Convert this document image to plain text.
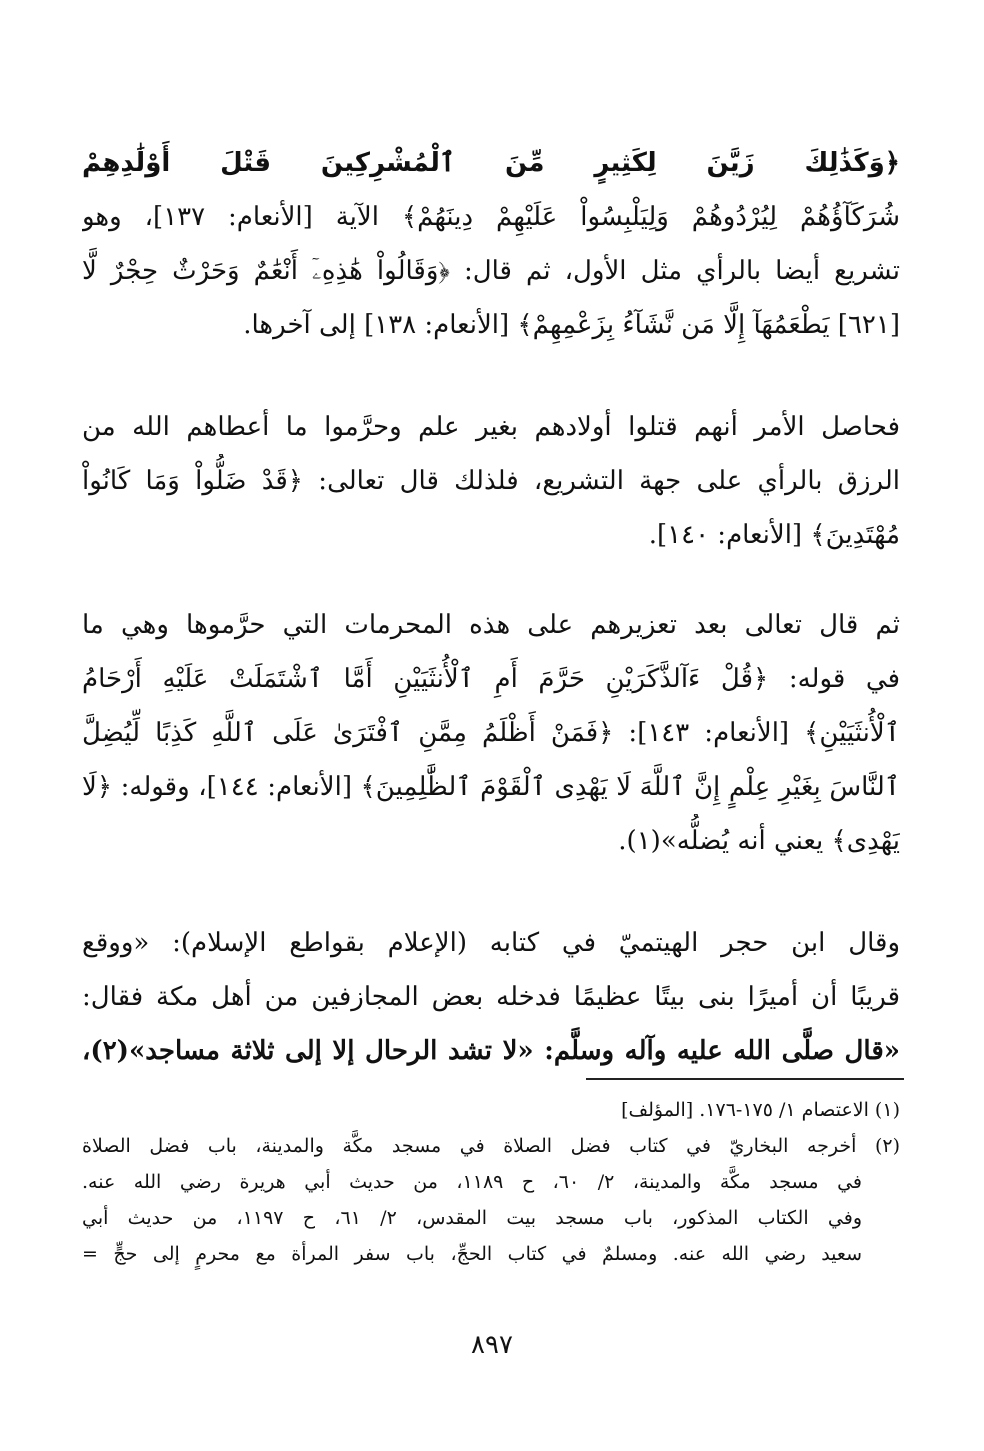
﴿وَكَذَٰلِكَ زَيَّنَ لِكَثِيرٍ مِّنَ ٱلْمُشْرِكِينَ قَتْلَ أَوْلَٰدِهِمْ
شُرَكَآؤُهُمْ لِيُرْدُوهُمْ وَلِيَلْبِسُواْ عَلَيْهِمْ دِينَهُمْ﴾ الآية [الأنعام: ١٣٧]، وهو
تشريع أيضا بالرأي مثل الأول، ثم قال: ﴿وَقَالُواْ هَٰذِهِۦٓ أَنْعَٰمٌ وَحَرْثٌ حِجْرٌ لَّا
[٦٢١] يَطْعَمُهَآ إِلَّا مَن نَّشَآءُ بِزَعْمِهِمْ﴾ [الأنعام: ١٣٨] إلى آخرها.
فحاصل الأمر أنهم قتلوا أولادهم بغير علم وحرَّموا ما أعطاهم الله من
الرزق بالرأي على جهة التشريع، فلذلك قال تعالى: ﴿قَدْ ضَلُّواْ وَمَا كَانُواْ
مُهْتَدِينَ﴾ [الأنعام: ١٤٠].
ثم قال تعالى بعد تعزيرهم على هذه المحرمات التي حرَّموها وهي ما
في قوله: ﴿قُلْ ءَآلذَّكَرَيْنِ حَرَّمَ أَمِ ٱلْأُنثَيَيْنِ أَمَّا ٱشْتَمَلَتْ عَلَيْهِ أَرْحَامُ
ٱلْأُنثَيَيْنِ﴾ [الأنعام: ١٤٣]: ﴿فَمَنْ أَظْلَمُ مِمَّنِ ٱفْتَرَىٰ عَلَى ٱللَّهِ كَذِبًا لِّيُضِلَّ
ٱلنَّاسَ بِغَيْرِ عِلْمٍ إِنَّ ٱللَّهَ لَا يَهْدِى ٱلْقَوْمَ ٱلظَّٰلِمِينَ﴾ [الأنعام: ١٤٤]، وقوله: ﴿لَا
يَهْدِى﴾ يعني أنه يُضلُّه»(١).
وقال ابن حجر الهيتميّ في كتابه (الإعلام بقواطع الإسلام): «ووقع
قريبًا أن أميرًا بنى بيتًا عظيمًا فدخله بعض المجازفين من أهل مكة فقال:
«قال صلَّى الله عليه وآله وسلَّم: «لا تشد الرحال إلا إلى ثلاثة مساجد»(٢)،
(١) الاعتصام ١/ ١٧٥-١٧٦. [المؤلف]
(٢) أخرجه البخاريّ في كتاب فضل الصلاة في مسجد مكَّة والمدينة، باب فضل الصلاة
في مسجد مكَّة والمدينة، ٢/ ٦٠، ح ١١٨٩، من حديث أبي هريرة رضي الله عنه.
وفي الكتاب المذكور، باب مسجد بيت المقدس، ٢/ ٦١، ح ١١٩٧، من حديث أبي
سعيد رضي الله عنه. ومسلمٌ في كتاب الحجِّ، باب سفر المرأة مع محرمٍ إلى حجٍّ =
٨٩٧
